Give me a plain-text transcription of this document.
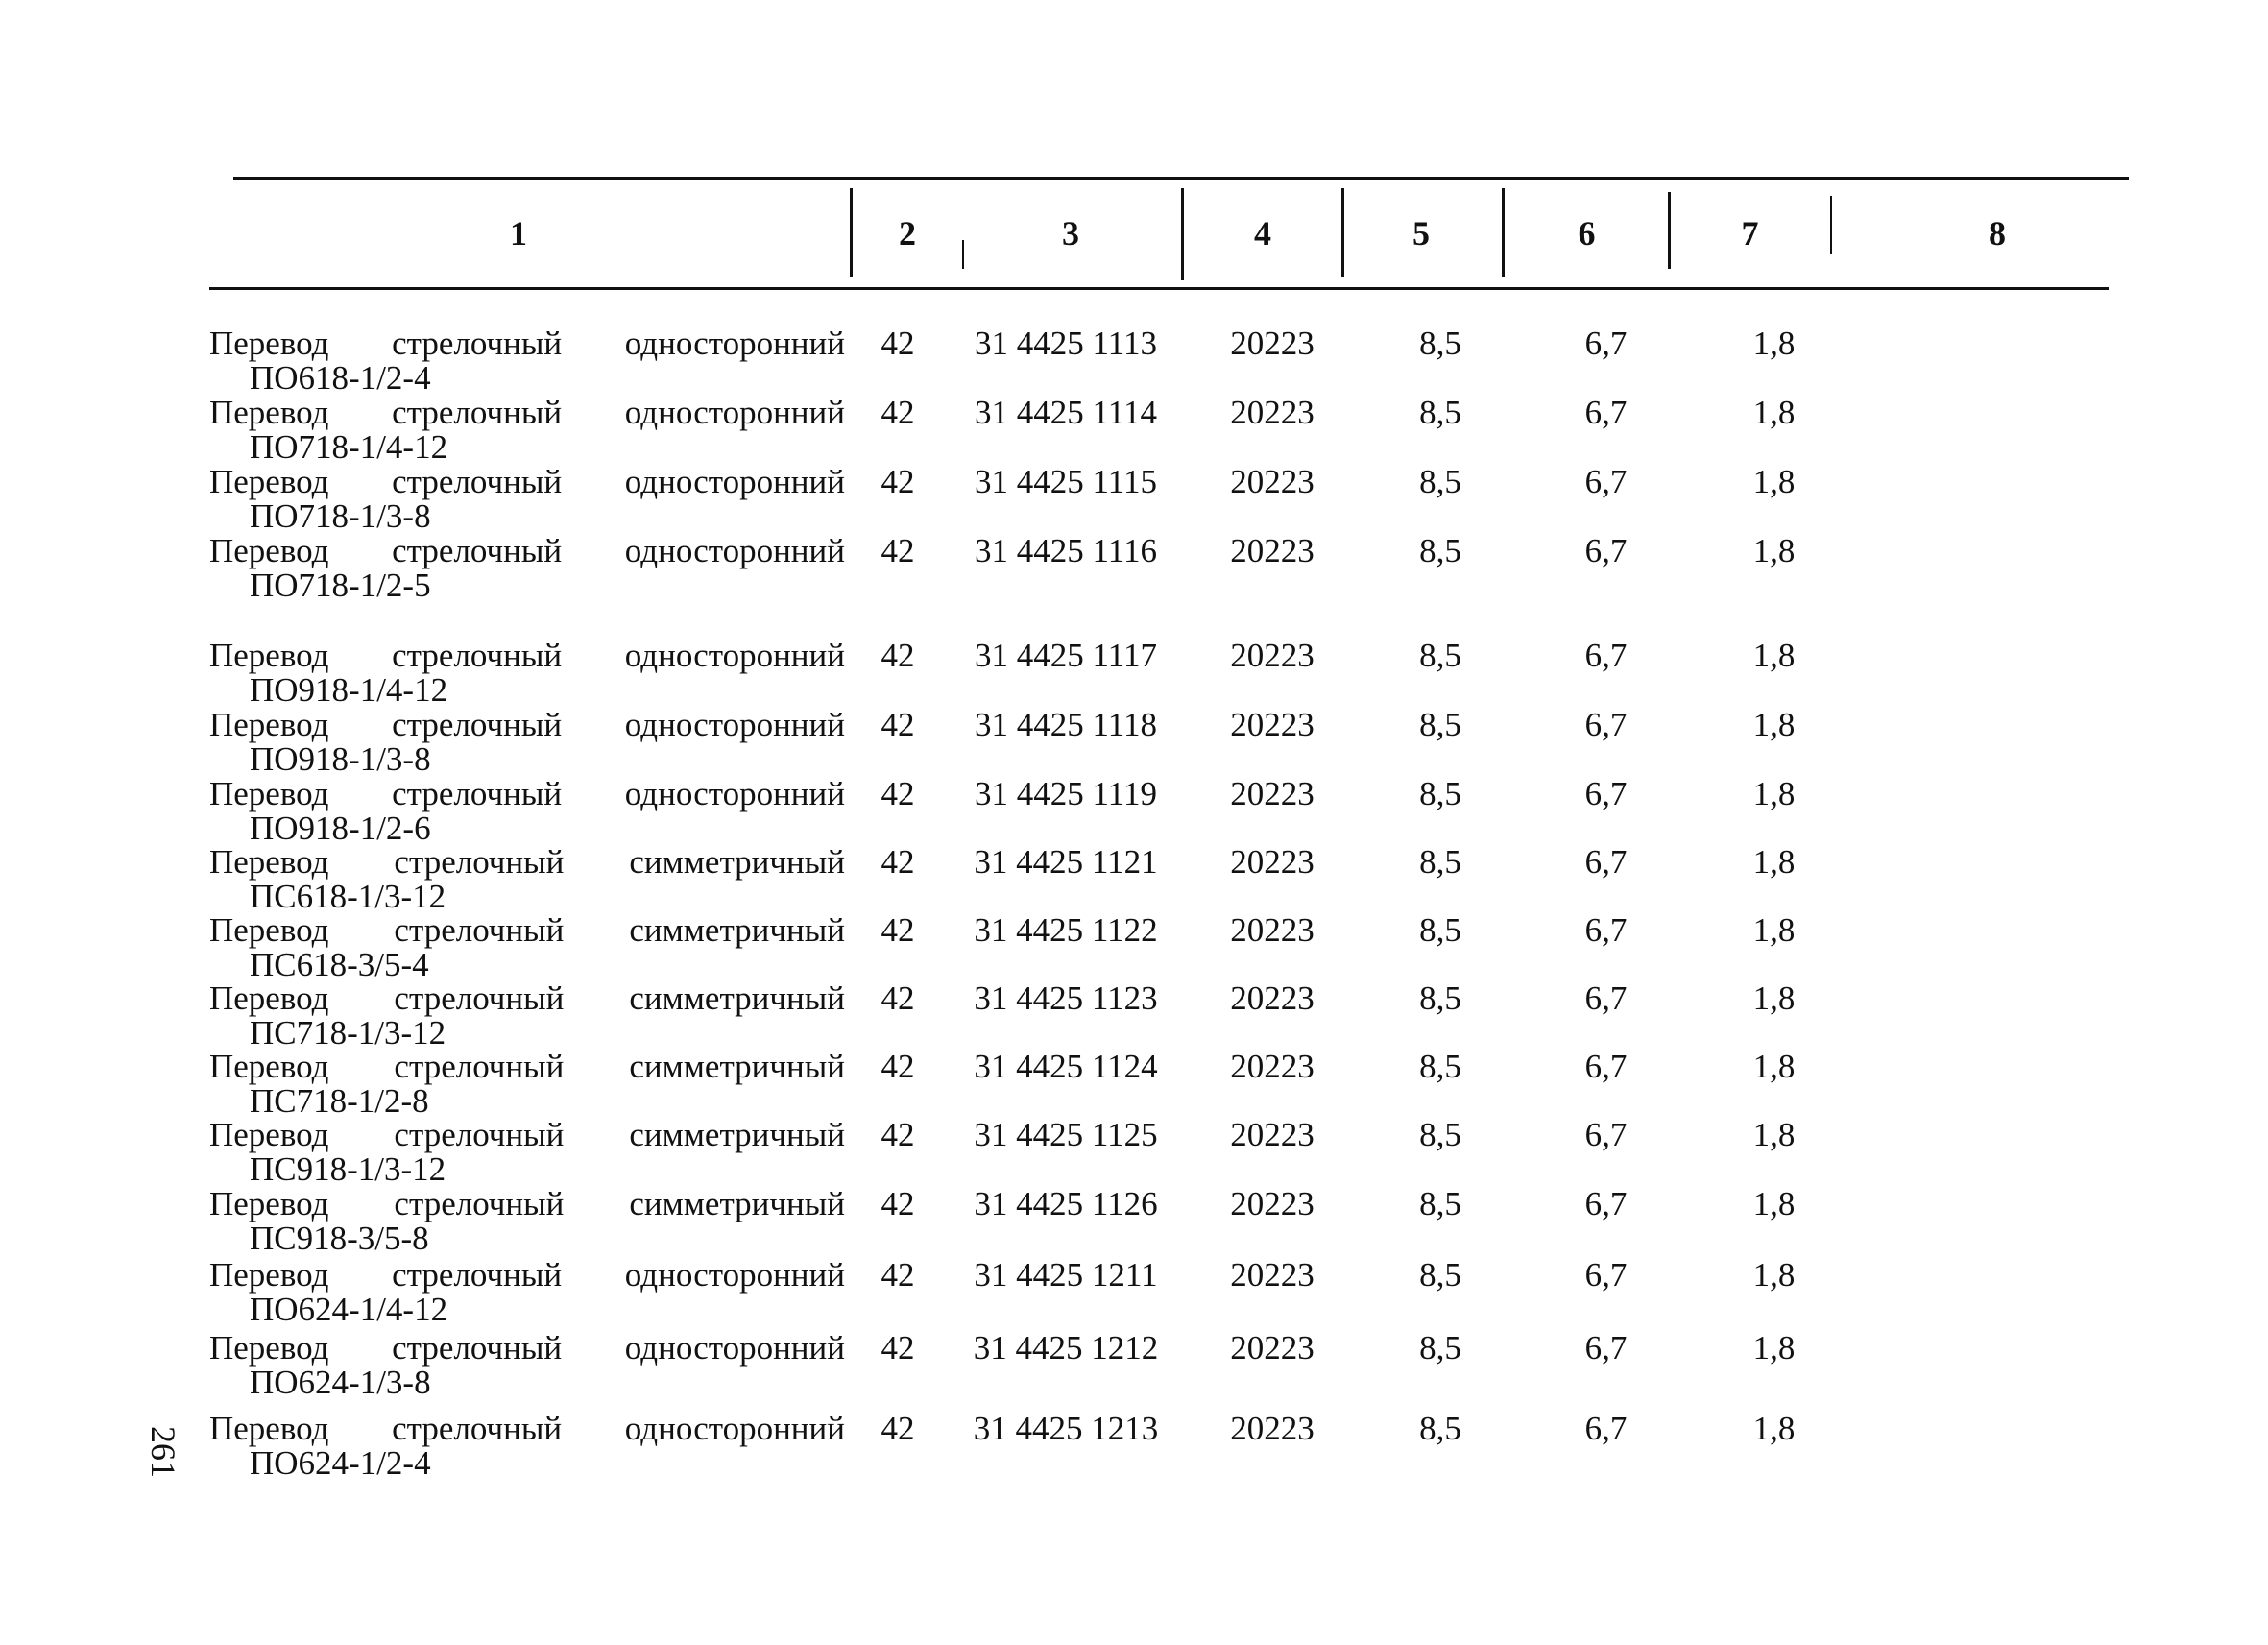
1	2	3	4	5	6	7	8
Перевод стрелочный односторонний
ПО618-1/2-4
42	31 4425 1113	20223	8,5	6,7	1,8
Перевод стрелочный односторонний
ПО718-1/4-12
42	31 4425 1114	20223	8,5	6,7	1,8
Перевод стрелочный односторонний
ПО718-1/3-8
42	31 4425 1115	20223	8,5	6,7	1,8
Перевод стрелочный односторонний
ПО718-1/2-5
42	31 4425 1116	20223	8,5	6,7	1,8
Перевод стрелочный односторонний
ПО918-1/4-12
42	31 4425 1117	20223	8,5	6,7	1,8
Перевод стрелочный односторонний
ПО918-1/3-8
42	31 4425 1118	20223	8,5	6,7	1,8
Перевод стрелочный односторонний
ПО918-1/2-6
42	31 4425 1119	20223	8,5	6,7	1,8
Перевод стрелочный симметричный
ПС618-1/3-12
42	31 4425 1121	20223	8,5	6,7	1,8
Перевод стрелочный симметричный
ПС618-3/5-4
42	31 4425 1122	20223	8,5	6,7	1,8
Перевод стрелочный симметричный
ПС718-1/3-12
42	31 4425 1123	20223	8,5	6,7	1,8
Перевод стрелочный симметричный
ПС718-1/2-8
42	31 4425 1124	20223	8,5	6,7	1,8
Перевод стрелочный симметричный
ПС918-1/3-12
42	31 4425 1125	20223	8,5	6,7	1,8
Перевод стрелочный симметричный
ПС918-3/5-8
42	31 4425 1126	20223	8,5	6,7	1,8
Перевод стрелочный односторонний
ПО624-1/4-12
42	31 4425 1211	20223	8,5	6,7	1,8
Перевод стрелочный односторонний
ПО624-1/3-8
42	31 4425 1212	20223	8,5	6,7	1,8
Перевод стрелочный односторонний
ПО624-1/2-4
42	31 4425 1213	20223	8,5	6,7	1,8
261
